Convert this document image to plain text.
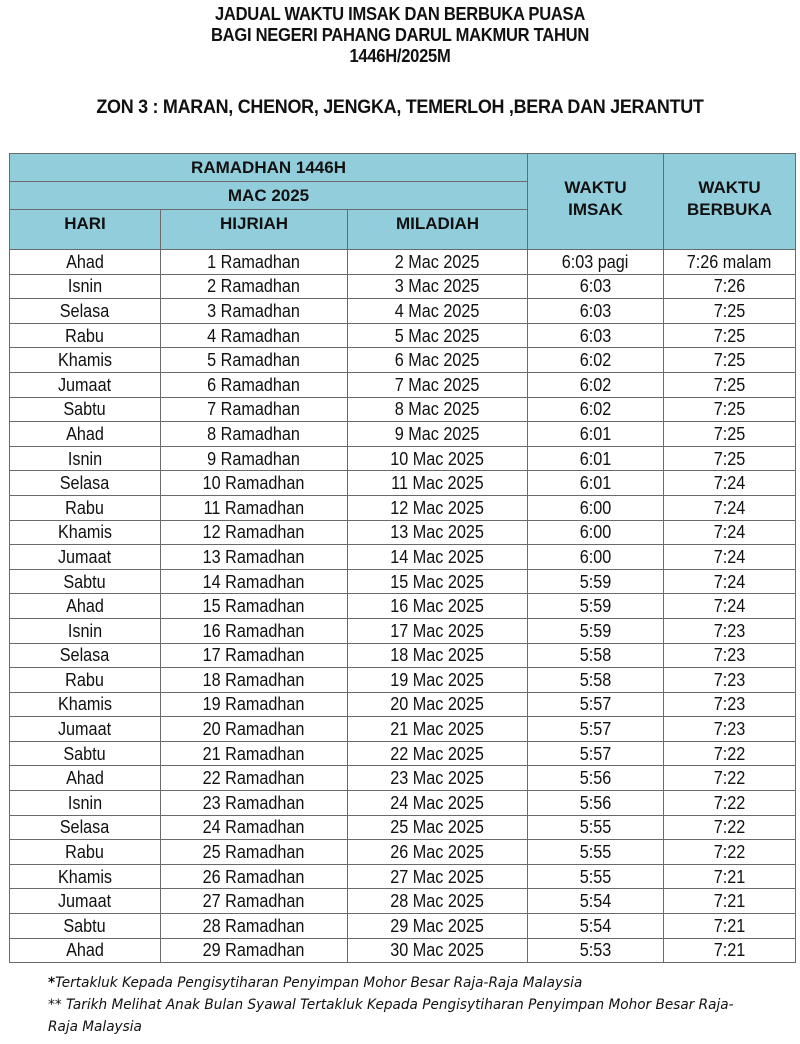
JADUAL WAKTU IMSAK DAN BERBUKA PUASA
BAGI NEGERI PAHANG DARUL MAKMUR TAHUN
1446H/2025M
ZON 3 : MARAN, CHENOR, JENGKA, TEMERLOH ,BERA DAN JERANTUT
RAMADHAN 1446H	
WAKTU
IMSAK

WAKTU
BERBUKA

MAC 2025				
HARI	HIJRIAH	MILADIAH		
Ahad	1 Ramadhan	2 Mac 2025	6:03 pagi	7:26 malam
Isnin	2 Ramadhan	3 Mac 2025	6:03	7:26
Selasa	3 Ramadhan	4 Mac 2025	6:03	7:25
Rabu	4 Ramadhan	5 Mac 2025	6:03	7:25
Khamis	5 Ramadhan	6 Mac 2025	6:02	7:25
Jumaat	6 Ramadhan	7 Mac 2025	6:02	7:25
Sabtu	7 Ramadhan	8 Mac 2025	6:02	7:25
Ahad	8 Ramadhan	9 Mac 2025	6:01	7:25
Isnin	9 Ramadhan	10 Mac 2025	6:01	7:25
Selasa	10 Ramadhan	11 Mac 2025	6:01	7:24
Rabu	11 Ramadhan	12 Mac 2025	6:00	7:24
Khamis	12 Ramadhan	13 Mac 2025	6:00	7:24
Jumaat	13 Ramadhan	14 Mac 2025	6:00	7:24
Sabtu	14 Ramadhan	15 Mac 2025	5:59	7:24
Ahad	15 Ramadhan	16 Mac 2025	5:59	7:24
Isnin	16 Ramadhan	17 Mac 2025	5:59	7:23
Selasa	17 Ramadhan	18 Mac 2025	5:58	7:23
Rabu	18 Ramadhan	19 Mac 2025	5:58	7:23
Khamis	19 Ramadhan	20 Mac 2025	5:57	7:23
Jumaat	20 Ramadhan	21 Mac 2025	5:57	7:23
Sabtu	21 Ramadhan	22 Mac 2025	5:57	7:22
Ahad	22 Ramadhan	23 Mac 2025	5:56	7:22
Isnin	23 Ramadhan	24 Mac 2025	5:56	7:22
Selasa	24 Ramadhan	25 Mac 2025	5:55	7:22
Rabu	25 Ramadhan	26 Mac 2025	5:55	7:22
Khamis	26 Ramadhan	27 Mac 2025	5:55	7:21
Jumaat	27 Ramadhan	28 Mac 2025	5:54	7:21
Sabtu	28 Ramadhan	29 Mac 2025	5:54	7:21
Ahad	29 Ramadhan	30 Mac 2025	5:53	7:21
*Tertakluk Kepada Pengisytiharan Penyimpan Mohor Besar Raja-Raja Malaysia
** Tarikh Melihat Anak Bulan Syawal Tertakluk Kepada Pengisytiharan Penyimpan Mohor Besar Raja-Raja Malaysia
